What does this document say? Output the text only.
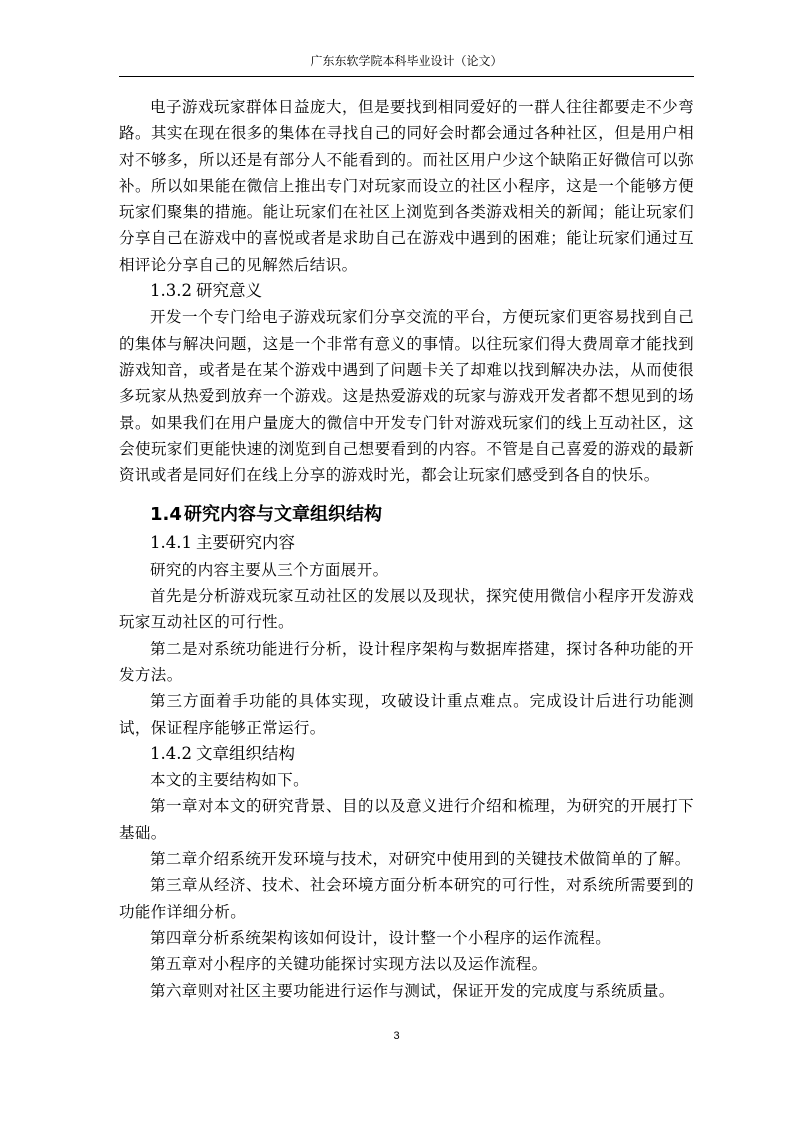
广东东软学院本科毕业设计（论文）

电子游戏玩家群体日益庞大，但是要找到相同爱好的一群人往往都要走不少弯路。其实在现在很多的集体在寻找自己的同好会时都会通过各种社区，但是用户相对不够多，所以还是有部分人不能看到的。而社区用户少这个缺陷正好微信可以弥补。所以如果能在微信上推出专门对玩家而设立的社区小程序，这是一个能够方便玩家们聚集的措施。能让玩家们在社区上浏览到各类游戏相关的新闻；能让玩家们分享自己在游戏中的喜悦或者是求助自己在游戏中遇到的困难；能让玩家们通过互相评论分享自己的见解然后结识。

1.3.2 研究意义

开发一个专门给电子游戏玩家们分享交流的平台，方便玩家们更容易找到自己的集体与解决问题，这是一个非常有意义的事情。以往玩家们得大费周章才能找到游戏知音，或者是在某个游戏中遇到了问题卡关了却难以找到解决办法，从而使很多玩家从热爱到放弃一个游戏。这是热爱游戏的玩家与游戏开发者都不想见到的场景。如果我们在用户量庞大的微信中开发专门针对游戏玩家们的线上互动社区，这会使玩家们更能快速的浏览到自己想要看到的内容。不管是自己喜爱的游戏的最新资讯或者是同好们在线上分享的游戏时光，都会让玩家们感受到各自的快乐。

1.4 研究内容与文章组织结构
1.4.1 主要研究内容

研究的内容主要从三个方面展开。

首先是分析游戏玩家互动社区的发展以及现状，探究使用微信小程序开发游戏玩家互动社区的可行性。

第二是对系统功能进行分析，设计程序架构与数据库搭建，探讨各种功能的开发方法。

第三方面着手功能的具体实现，攻破设计重点难点。完成设计后进行功能测试，保证程序能够正常运行。

1.4.2 文章组织结构

本文的主要结构如下。

第一章对本文的研究背景、目的以及意义进行介绍和梳理，为研究的开展打下基础。

第二章介绍系统开发环境与技术，对研究中使用到的关键技术做简单的了解。

第三章从经济、技术、社会环境方面分析本研究的可行性，对系统所需要到的功能作详细分析。

第四章分析系统架构该如何设计，设计整一个小程序的运作流程。

第五章对小程序的关键功能探讨实现方法以及运作流程。

第六章则对社区主要功能进行运作与测试，保证开发的完成度与系统质量。

3
